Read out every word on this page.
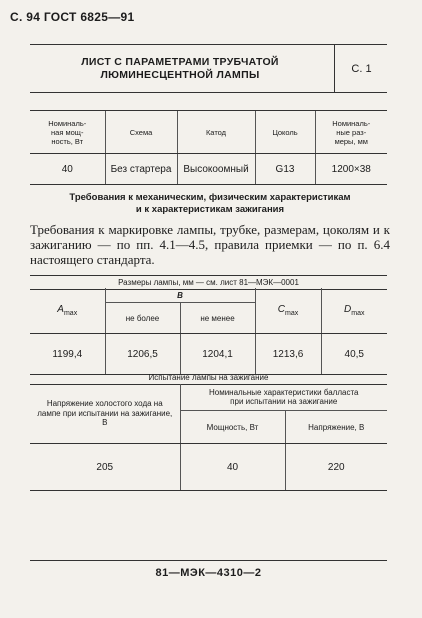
С. 94 ГОСТ 6825—91
ЛИСТ С ПАРАМЕТРАМИ ТРУБЧАТОЙ
ЛЮМИНЕСЦЕНТНОЙ ЛАМПЫ	С. 1
Номиналь-
ная мощ-
ность, Вт	Схема	Катод	Цоколь	Номиналь-
ные раз-
меры, мм
40	Без стартера	Высокоомный	G13	1200×38
Требования к механическим, физическим характеристикам
и к характеристикам зажигания
Требования к маркировке лампы, трубке, размерам, цоколям и к зажиганию — по пп. 4.1—4.5, правила приемки — по п. 6.4 настоящего стандарта.
Размеры лампы, мм — см. лист 81—МЭК—0001
$A_{max}$	B		$C_{max}$	$D_{max}$
	не более	не менее		
1199,4	1206,5	1204,1	1213,6	40,5
Испытание лампы на зажигание
Напряжение холостого хода на
лампе при испытании на зажигание,
В	Номинальные характеристики балласта
при испытании на зажигание	
	Мощность, Вт	Напряжение, В
205	40	220
81—МЭК—4310—2
